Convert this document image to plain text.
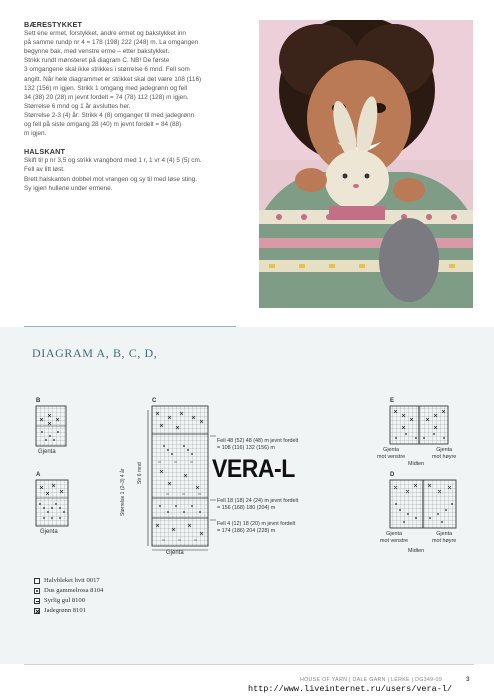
BÆRESTYKKET

Sett ene ermet, forstykket, andre ermet og bakstykket inn

på samme rundp nr 4 = 178 (198) 222 (248) m. La omgangen

begynne bak, med venstre erme – etter bakstykket.

Strikk rundt mønsteret på diagram C. NB! De første

3 omgangene skal ikke strikkes i størrelse 6 mnd. Fell som

angitt. Når hele diagrammet er strikket skal det være 108 (116)

132 (156) m igjen. Strikk 1 omgang med jadegrønn og fell

34 (38) 20 (28) m jevnt fordelt = 74 (78) 112 (128) m igjen.

Størrelse 6 mnd og 1 år avsluttes her.

Størrelse 2-3 (4) år: Strikk 4 (8) omganger til med jadegrønn

og fell på siste omgang 28 (40) m jevnt fordelt = 84 (88)

m igjen.

HALSKANT

Skift til p nr 3,5 og strikk vrangbord med 1 r, 1 vr 4 (4) 5 (5) cm.

Fell av litt løst.

Brett halskanten dobbel mot vrangen og sy til med løse sting.

Sy igjen hullene under ermene.

DIAGRAM A, B, C, D,
B
Gjenta
A
Gjenta
C
Gjenta
Størrelse 1 (2–3) 4 år Str 6 mnd
Fell 48 (52) 48 (48) m jevnt fordelt
= 108 (116) 132 (156) m
VERA-L
Fell 18 (18) 24 (24) m jevnt fordelt
= 156 (168) 180 (204) m
Fell 4 (12) 18 (20) m jevnt fordelt
= 174 (186) 204 (228) m
E
Gjenta
mot venstre
Gjenta
mot høyre
Midten
D
Gjenta
mot venstre
Gjenta
mot høyre
Midten
Halvbleket hvit 0017
Dus gammelrosa 8104
Syrlig gul 8100
Jadegrønn 8101
HOUSE OF YARN | DALE GARN | LERKE | DG349-09	3
http://www.liveinternet.ru/users/vera-l/
